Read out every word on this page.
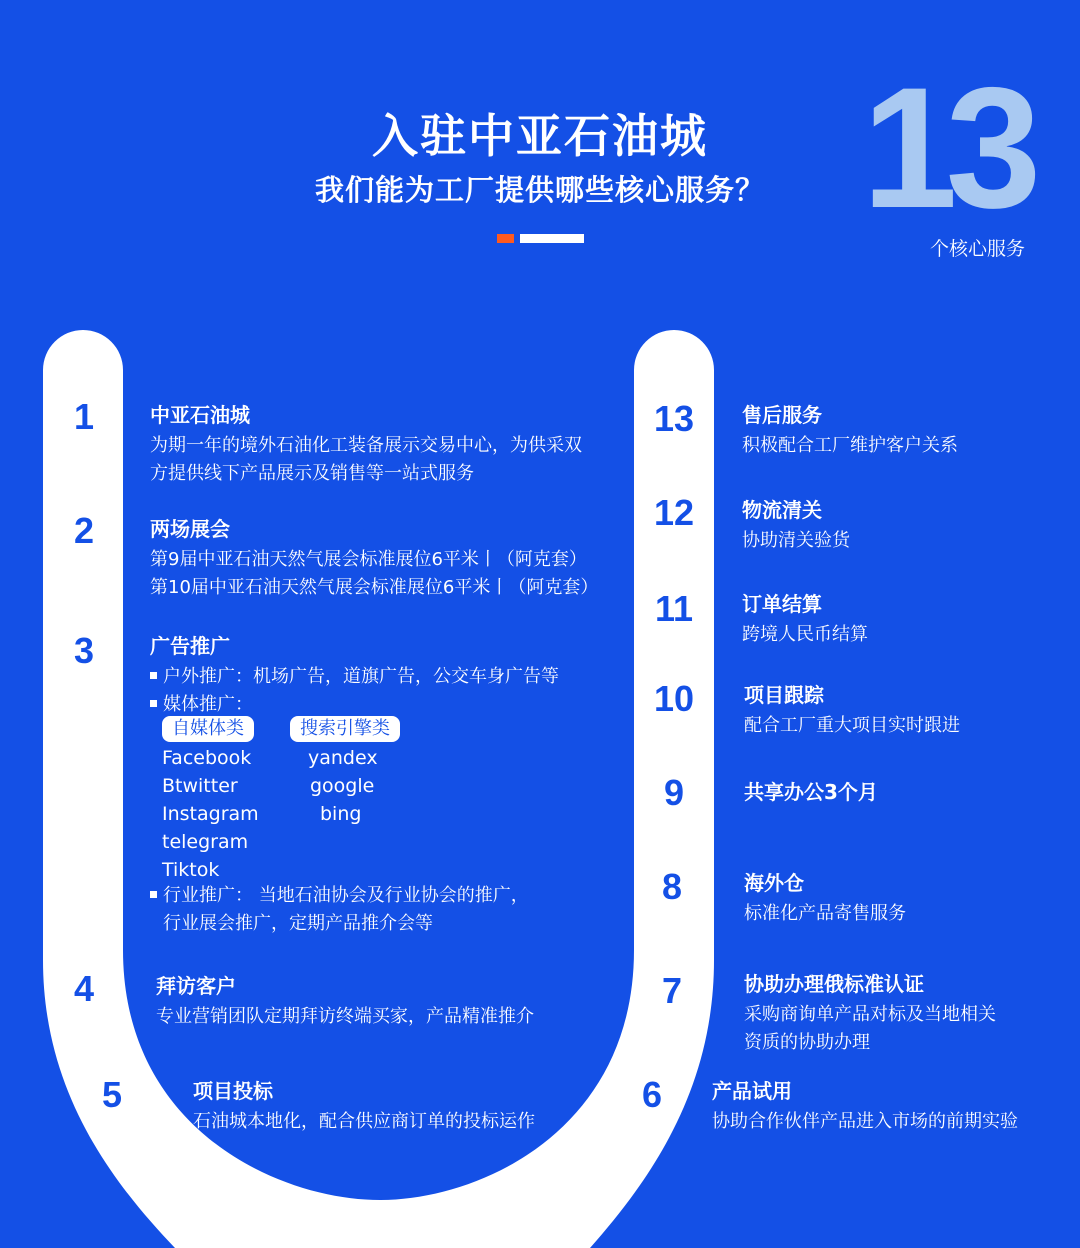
入驻中亚石油城
我们能为工厂提供哪些核心服务？ 13
个核心服务
1
2
3
4
5	6
7
8
9
10
11
12
13
中亚石油城
为期一年的境外石油化工装备展示交易中心，为供采双
方提供线下产品展示及销售等一站式服务
两场展会
第9届中亚石油天然气展会标准展位6平米丨（阿克套）
第10届中亚石油天然气展会标准展位6平米丨（阿克套）
广告推广
户外推广：机场广告，道旗广告，公交车身广告等
媒体推广：
自媒体类
Facebook
Btwitter
Instagram
telegram
Tiktok
搜索引擎类
yandex
google
bing
行业推广： 当地石油协会及行业协会的推广，
行业展会推广，定期产品推介会等
拜访客户
专业营销团队定期拜访终端买家，产品精准推介
项目投标
石油城本地化，配合供应商订单的投标运作
产品试用
协助合作伙伴产品进入市场的前期实验
协助办理俄标准认证
采购商询单产品对标及当地相关
资质的协助办理
海外仓
标准化产品寄售服务
共享办公3个月
项目跟踪
配合工厂重大项目实时跟进
订单结算
跨境人民币结算
物流清关
协助清关验货
售后服务
积极配合工厂维护客户关系
